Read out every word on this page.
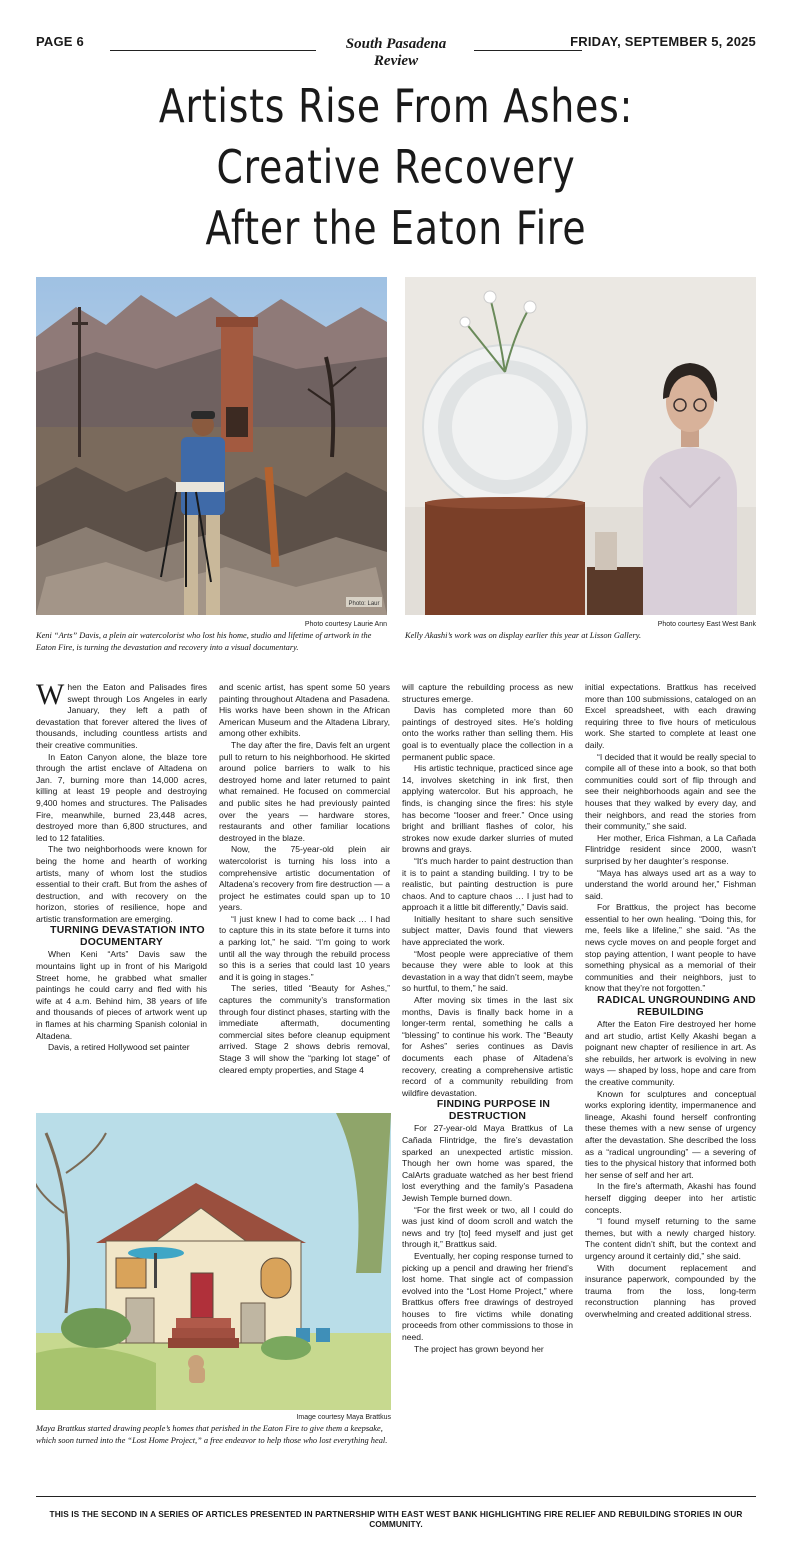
PAGE 6	South Pasadena Review
FRIDAY, SEPTEMBER 5, 2025
Artists Rise From Ashes:
Creative Recovery
After the Eaton Fire
Photo: Laur
Photo courtesy Laurie Ann
Keni “Arts” Davis, a plein air watercolorist who lost his home, studio and lifetime of artwork in the Eaton Fire, is turning the devastation and recovery into a visual documentary.
Photo courtesy East West Bank
Kelly Akashi’s work was on display earlier this year at Lisson Gallery.

When the Eaton and Palisades fires swept through Los Angeles in early January, they left a path of devastation that forever altered the lives of thousands, including countless artists and their creative communities.

In Eaton Canyon alone, the blaze tore through the artist enclave of Altadena on Jan. 7, burning more than 14,000 acres, killing at least 19 people and destroying 9,400 homes and structures. The Palisades Fire, meanwhile, burned 23,448 acres, destroyed more than 6,800 structures, and led to 12 fatalities.

The two neighborhoods were known for being the home and hearth of working artists, many of whom lost the studios essential to their craft. But from the ashes of destruction, and with recovery on the horizon, stories of resilience, hope and artistic transformation are emerging.

TURNING DEVASTATION INTO DOCUMENTARY

When Keni “Arts” Davis saw the mountains light up in front of his Marigold Street home, he grabbed what smaller paintings he could carry and fled with his wife at 4 a.m. Behind him, 38 years of life and thousands of pieces of artwork went up in flames at his charming Spanish colonial in Altadena.

Davis, a retired Hollywood set painter

and scenic artist, has spent some 50 years painting throughout Altadena and Pasadena. His works have been shown in the African American Museum and the Altadena Library, among other exhibits.

The day after the fire, Davis felt an urgent pull to return to his neighborhood. He skirted around police barriers to walk to his destroyed home and later returned to paint what remained. He focused on commercial and public sites he had previously painted over the years — hardware stores, restaurants and other familiar locations destroyed in the blaze.

Now, the 75-year-old plein air watercolorist is turning his loss into a comprehensive artistic documentation of Altadena’s recovery from fire destruction — a project he estimates could span up to 10 years.

“I just knew I had to come back … I had to capture this in its state before it turns into a parking lot,” he said. “I’m going to work until all the way through the rebuild process so this is a series that could last 10 years and it is going in stages.”

The series, titled “Beauty for Ashes,” captures the community’s transformation through four distinct phases, starting with the immediate aftermath, documenting commercial sites before cleanup equipment arrived. Stage 2 shows debris removal, Stage 3 will show the “parking lot stage” of cleared empty properties, and Stage 4

will capture the rebuilding process as new structures emerge.

Davis has completed more than 60 paintings of destroyed sites. He’s holding onto the works rather than selling them. His goal is to eventually place the collection in a permanent public space.

His artistic technique, practiced since age 14, involves sketching in ink first, then applying watercolor. But his approach, he finds, is changing since the fires: his style has become “looser and freer.” Once using bright and brilliant flashes of color, his strokes now exude darker slurries of muted browns and grays.

“It’s much harder to paint destruction than it is to paint a standing building. I try to be realistic, but painting destruction is pure chaos. And to capture chaos … I just had to approach it a little bit differently,” Davis said.

Initially hesitant to share such sensitive subject matter, Davis found that viewers have appreciated the work.

“Most people were appreciative of them because they were able to look at this devastation in a way that didn’t seem, maybe so hurtful, to them,” he said.

After moving six times in the last six months, Davis is finally back home in a longer-term rental, something he calls a “blessing” to continue his work. The “Beauty for Ashes” series continues as Davis documents each phase of Altadena’s recovery, creating a comprehensive artistic record of a community rebuilding from wildfire devastation.

FINDING PURPOSE IN DESTRUCTION

For 27-year-old Maya Brattkus of La Cañada Flintridge, the fire’s devastation sparked an unexpected artistic mission. Though her own home was spared, the CalArts graduate watched as her best friend lost everything and the family’s Pasadena Jewish Temple burned down.

“For the first week or two, all I could do was just kind of doom scroll and watch the news and try [to] feed myself and just get through it,” Brattkus said.

Eventually, her coping response turned to picking up a pencil and drawing her friend’s lost home. That single act of compassion evolved into the “Lost Home Project,” where Brattkus offers free drawings of destroyed houses to fire victims while donating proceeds from other commissions to those in need.

The project has grown beyond her

initial expectations. Brattkus has received more than 100 submissions, cataloged on an Excel spreadsheet, with each drawing requiring three to five hours of meticulous work. She started to complete at least one daily.

“I decided that it would be really special to compile all of these into a book, so that both communities could sort of flip through and see their neighborhoods again and see the houses that they walked by every day, and their neighbors, and read the stories from their community,” she said.

Her mother, Erica Fishman, a La Cañada Flintridge resident since 2000, wasn’t surprised by her daughter’s response.

“Maya has always used art as a way to understand the world around her,” Fishman said.

For Brattkus, the project has become essential to her own healing. “Doing this, for me, feels like a lifeline,” she said. “As the news cycle moves on and people forget and stop paying attention, I want people to have something physical as a memorial of their communities and their neighbors, just to know that they’re not forgotten.”

RADICAL UNGROUNDING AND REBUILDING

After the Eaton Fire destroyed her home and art studio, artist Kelly Akashi began a poignant new chapter of resilience in art. As she rebuilds, her artwork is evolving in new ways — shaped by loss, hope and care from the creative community.

Known for sculptures and conceptual works exploring identity, impermanence and lineage, Akashi found herself confronting these themes with a new sense of urgency after the devastation. She described the loss as a “radical ungrounding” — a severing of ties to the physical history that informed both her sense of self and her art.

In the fire’s aftermath, Akashi has found herself digging deeper into her artistic concepts.

“I found myself returning to the same themes, but with a newly charged history. The content didn’t shift, but the context and urgency around it certainly did,” she said.

With document replacement and insurance paperwork, compounded by the trauma from the loss, long-term reconstruction planning has proved overwhelming and created additional stress.

Image courtesy Maya Brattkus
Maya Brattkus started drawing people’s homes that perished in the Eaton Fire to give them a keepsake, which soon turned into the “Lost Home Project,” a free endeavor to help those who lost everything heal.
THIS IS THE SECOND IN A SERIES OF ARTICLES PRESENTED IN PARTNERSHIP WITH EAST WEST BANK HIGHLIGHTING FIRE RELIEF AND REBUILDING STORIES IN OUR COMMUNITY.
